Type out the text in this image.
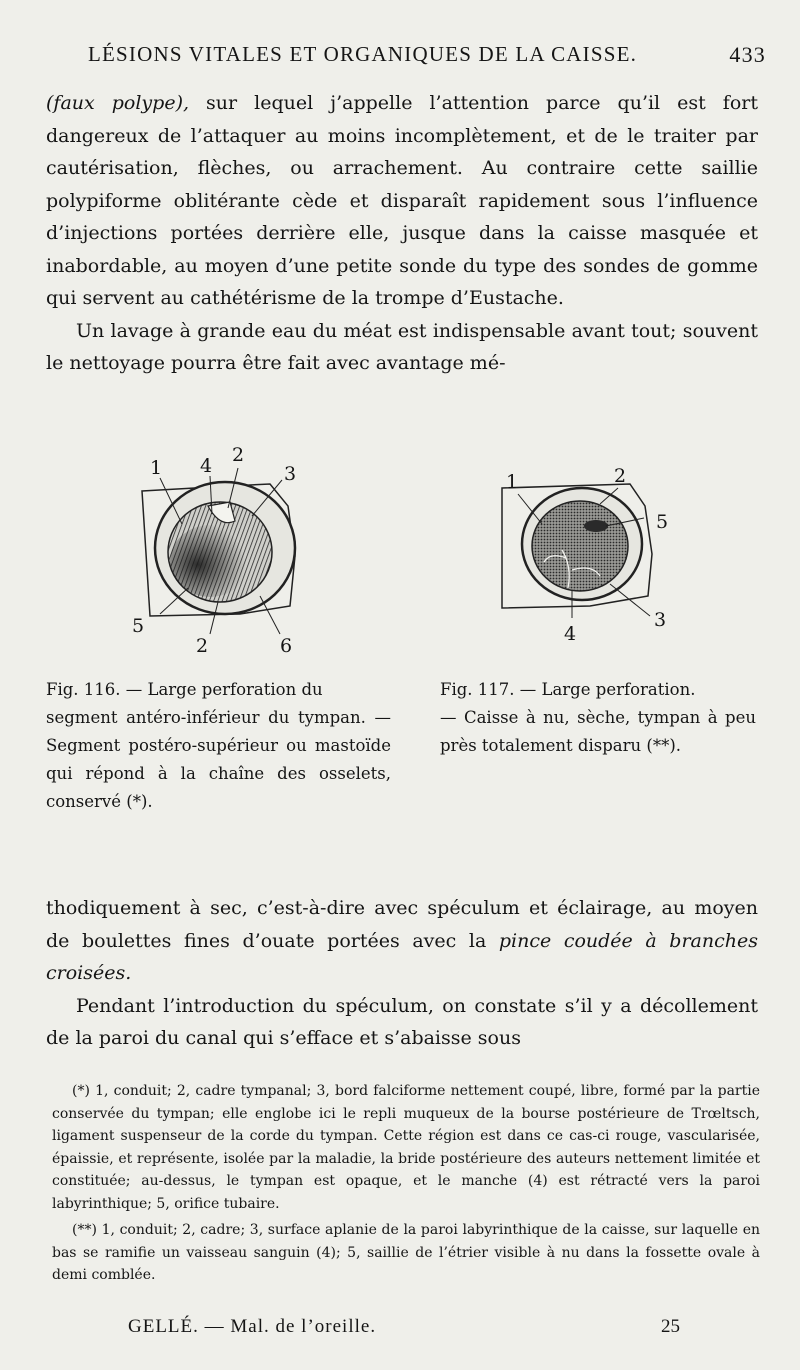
LÉSIONS VITALES ET ORGANIQUES DE LA CAISSE.	433

(faux polype), sur lequel j’appelle l’attention parce qu’il est fort dangereux de l’attaquer au moins incomplètement, et de le traiter par cautérisation, flèches, ou arrachement. Au contraire cette saillie polypiforme oblitérante cède et disparaît rapidement sous l’influence d’injections portées derrière elle, jusque dans la caisse masquée et inabordable, au moyen d’une petite sonde du type des sondes de gomme qui servent au cathétérisme de la trompe d’Eustache.

Un lavage à grande eau du méat est indispensable avant tout; souvent le nettoyage pourra être fait avec avantage mé-

1 4 2
3
5
2	6
1	2
5
3
4
Fig. 116. — Large perforation du
segment antéro-inférieur du tympan. — Segment postéro-supérieur ou mastoïde qui répond à la chaîne des osselets, conservé (*).
Fig. 117. — Large perforation.
— Caisse à nu, sèche, tympan à peu près totalement disparu (**).

thodiquement à sec, c’est-à-dire avec spéculum et éclairage, au moyen de boulettes fines d’ouate portées avec la pince coudée à branches croisées.

Pendant l’introduction du spéculum, on constate s’il y a décollement de la paroi du canal qui s’efface et s’abaisse sous

(*) 1, conduit; 2, cadre tympanal; 3, bord falciforme nettement coupé, libre, formé par la partie conservée du tympan; elle englobe ici le repli muqueux de la bourse postérieure de Trœltsch, ligament suspenseur de la corde du tympan. Cette région est dans ce cas-ci rouge, vascularisée, épaissie, et représente, isolée par la maladie, la bride postérieure des auteurs nettement limitée et constituée; au-dessus, le tympan est opaque, et le manche (4) est rétracté vers la paroi labyrinthique; 5, orifice tubaire.

(**) 1, conduit; 2, cadre; 3, surface aplanie de la paroi labyrinthique de la caisse, sur laquelle en bas se ramifie un vaisseau sanguin (4); 5, saillie de l’étrier visible à nu dans la fossette ovale à demi comblée.

GELLÉ. — Mal. de l’oreille.	25
